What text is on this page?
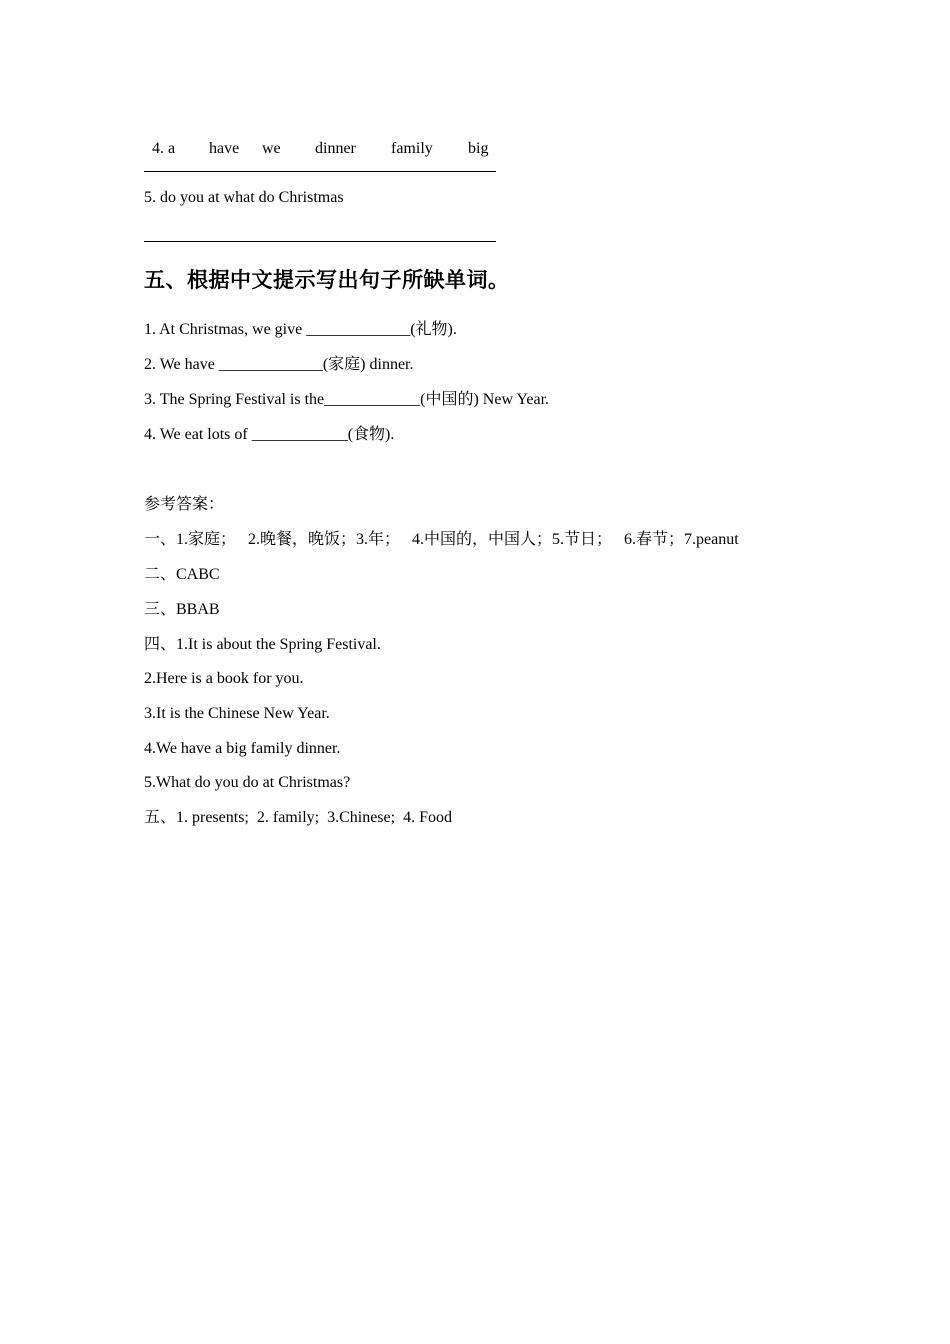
4. a have we dinner family big

5. do you at what do Christmas
五、根据中文提示写出句子所缺单词。
1. At Christmas, we give _____________(礼物).
2. We have _____________(家庭) dinner.
3. The Spring Festival is the____________(中国的) New Year.
4. We eat lots of ____________(食物).
参考答案：
一、1.家庭；   2.晚餐，晚饭；3.年；   4.中国的，中国人；5.节日；   6.春节；7.peanut
二、CABC
三、BBAB
四、1.It is about the Spring Festival.
2.Here is a book for you.
3.It is the Chinese New Year.
4.We have a big family dinner.
5.What do you do at Christmas?
五、1. presents;  2. family;  3.Chinese;  4. Food
